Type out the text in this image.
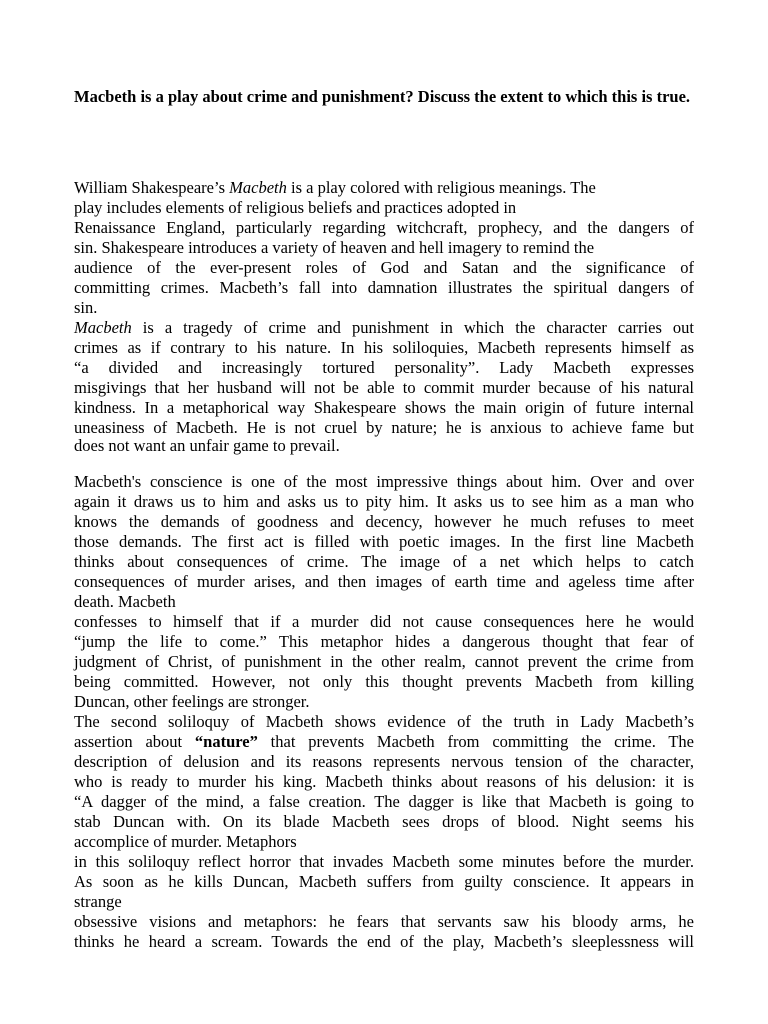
Macbeth is a play about crime and punishment? Discuss the extent to which this is true.
William Shakespeare’s Macbeth is a play colored with religious meanings. The
play includes elements of religious beliefs and practices adopted in
Renaissance England, particularly regarding witchcraft, prophecy, and the dangers of
sin. Shakespeare introduces a variety of heaven and hell imagery to remind the
audience of the ever-present roles of God and Satan and the significance of
committing crimes. Macbeth’s fall into damnation illustrates the spiritual dangers of
sin.
Macbeth is a tragedy of crime and punishment in which the character carries out
crimes as if contrary to his nature. In his soliloquies, Macbeth represents himself as
“a divided and increasingly tortured personality”. Lady Macbeth expresses
misgivings that her husband will not be able to commit murder because of his natural
kindness. In a metaphorical way Shakespeare shows the main origin of future internal
uneasiness of Macbeth. He is not cruel by nature; he is anxious to achieve fame but
does not want an unfair game to prevail.
Macbeth's conscience is one of the most impressive things about him. Over and over
again it draws us to him and asks us to pity him. It asks us to see him as a man who
knows the demands of goodness and decency, however he much refuses to meet
those demands. The first act is filled with poetic images. In the first line Macbeth
thinks about consequences of crime. The image of a net which helps to catch
consequences of murder arises, and then images of earth time and ageless time after
death. Macbeth
confesses to himself that if a murder did not cause consequences here he would
“jump the life to come.” This metaphor hides a dangerous thought that fear of
judgment of Christ, of punishment in the other realm, cannot prevent the crime from
being committed. However, not only this thought prevents Macbeth from killing
Duncan, other feelings are stronger.
The second soliloquy of Macbeth shows evidence of the truth in Lady Macbeth’s
assertion about “nature” that prevents Macbeth from committing the crime. The
description of delusion and its reasons represents nervous tension of the character,
who is ready to murder his king. Macbeth thinks about reasons of his delusion: it is
“A dagger of the mind, a false creation. The dagger is like that Macbeth is going to
stab Duncan with. On its blade Macbeth sees drops of blood. Night seems his
accomplice of murder. Metaphors
in this soliloquy reflect horror that invades Macbeth some minutes before the murder.
As soon as he kills Duncan, Macbeth suffers from guilty conscience. It appears in
strange
obsessive visions and metaphors: he fears that servants saw his bloody arms, he
thinks he heard a scream. Towards the end of the play, Macbeth’s sleeplessness will
